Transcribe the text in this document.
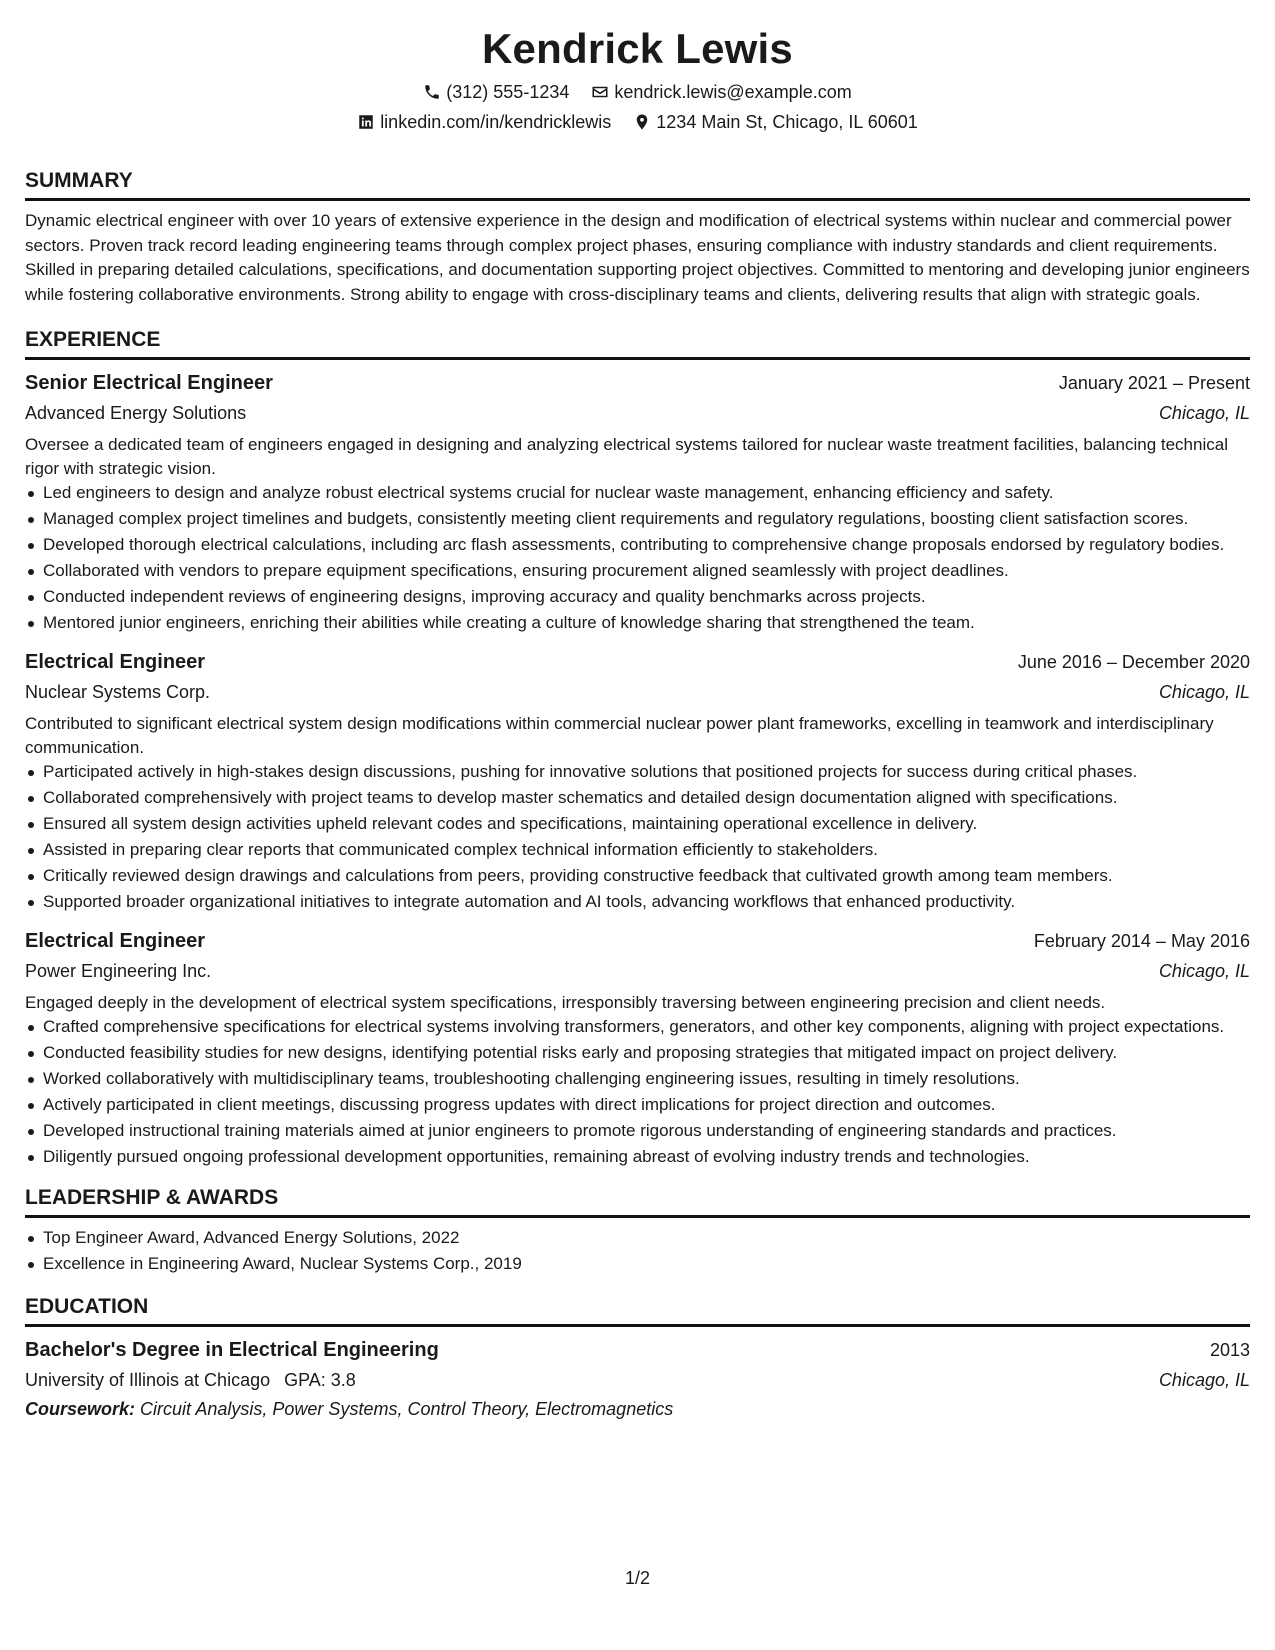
Kendrick Lewis
(312) 555-1234	kendrick.lewis@example.com
linkedin.com/in/kendricklewis	1234 Main St, Chicago, IL 60601
SUMMARY
Dynamic electrical engineer with over 10 years of extensive experience in the design and modification of electrical systems within nuclear and commercial power sectors. Proven track record leading engineering teams through complex project phases, ensuring compliance with industry standards and client requirements. Skilled in preparing detailed calculations, specifications, and documentation supporting project objectives. Committed to mentoring and developing junior engineers while fostering collaborative environments. Strong ability to engage with cross-disciplinary teams and clients, delivering results that align with strategic goals.
EXPERIENCE
Senior Electrical Engineer	January 2021 – Present
Advanced Energy Solutions	Chicago, IL
Oversee a dedicated team of engineers engaged in designing and analyzing electrical systems tailored for nuclear waste treatment facilities, balancing technical rigor with strategic vision.
Led engineers to design and analyze robust electrical systems crucial for nuclear waste management, enhancing efficiency and safety.
Managed complex project timelines and budgets, consistently meeting client requirements and regulatory regulations, boosting client satisfaction scores.
Developed thorough electrical calculations, including arc flash assessments, contributing to comprehensive change proposals endorsed by regulatory bodies.
Collaborated with vendors to prepare equipment specifications, ensuring procurement aligned seamlessly with project deadlines.
Conducted independent reviews of engineering designs, improving accuracy and quality benchmarks across projects.
Mentored junior engineers, enriching their abilities while creating a culture of knowledge sharing that strengthened the team.
Electrical Engineer	June 2016 – December 2020
Nuclear Systems Corp.	Chicago, IL
Contributed to significant electrical system design modifications within commercial nuclear power plant frameworks, excelling in teamwork and interdisciplinary communication.
Participated actively in high-stakes design discussions, pushing for innovative solutions that positioned projects for success during critical phases.
Collaborated comprehensively with project teams to develop master schematics and detailed design documentation aligned with specifications.
Ensured all system design activities upheld relevant codes and specifications, maintaining operational excellence in delivery.
Assisted in preparing clear reports that communicated complex technical information efficiently to stakeholders.
Critically reviewed design drawings and calculations from peers, providing constructive feedback that cultivated growth among team members.
Supported broader organizational initiatives to integrate automation and AI tools, advancing workflows that enhanced productivity.
Electrical Engineer	February 2014 – May 2016
Power Engineering Inc.	Chicago, IL
Engaged deeply in the development of electrical system specifications, irresponsibly traversing between engineering precision and client needs.
Crafted comprehensive specifications for electrical systems involving transformers, generators, and other key components, aligning with project expectations.
Conducted feasibility studies for new designs, identifying potential risks early and proposing strategies that mitigated impact on project delivery.
Worked collaboratively with multidisciplinary teams, troubleshooting challenging engineering issues, resulting in timely resolutions.
Actively participated in client meetings, discussing progress updates with direct implications for project direction and outcomes.
Developed instructional training materials aimed at junior engineers to promote rigorous understanding of engineering standards and practices.
Diligently pursued ongoing professional development opportunities, remaining abreast of evolving industry trends and technologies.
LEADERSHIP & AWARDS
Top Engineer Award, Advanced Energy Solutions, 2022
Excellence in Engineering Award, Nuclear Systems Corp., 2019
EDUCATION
Bachelor's Degree in Electrical Engineering	2013
University of Illinois at Chicago GPA: 3.8	Chicago, IL
Coursework: Circuit Analysis, Power Systems, Control Theory, Electromagnetics
1/2
